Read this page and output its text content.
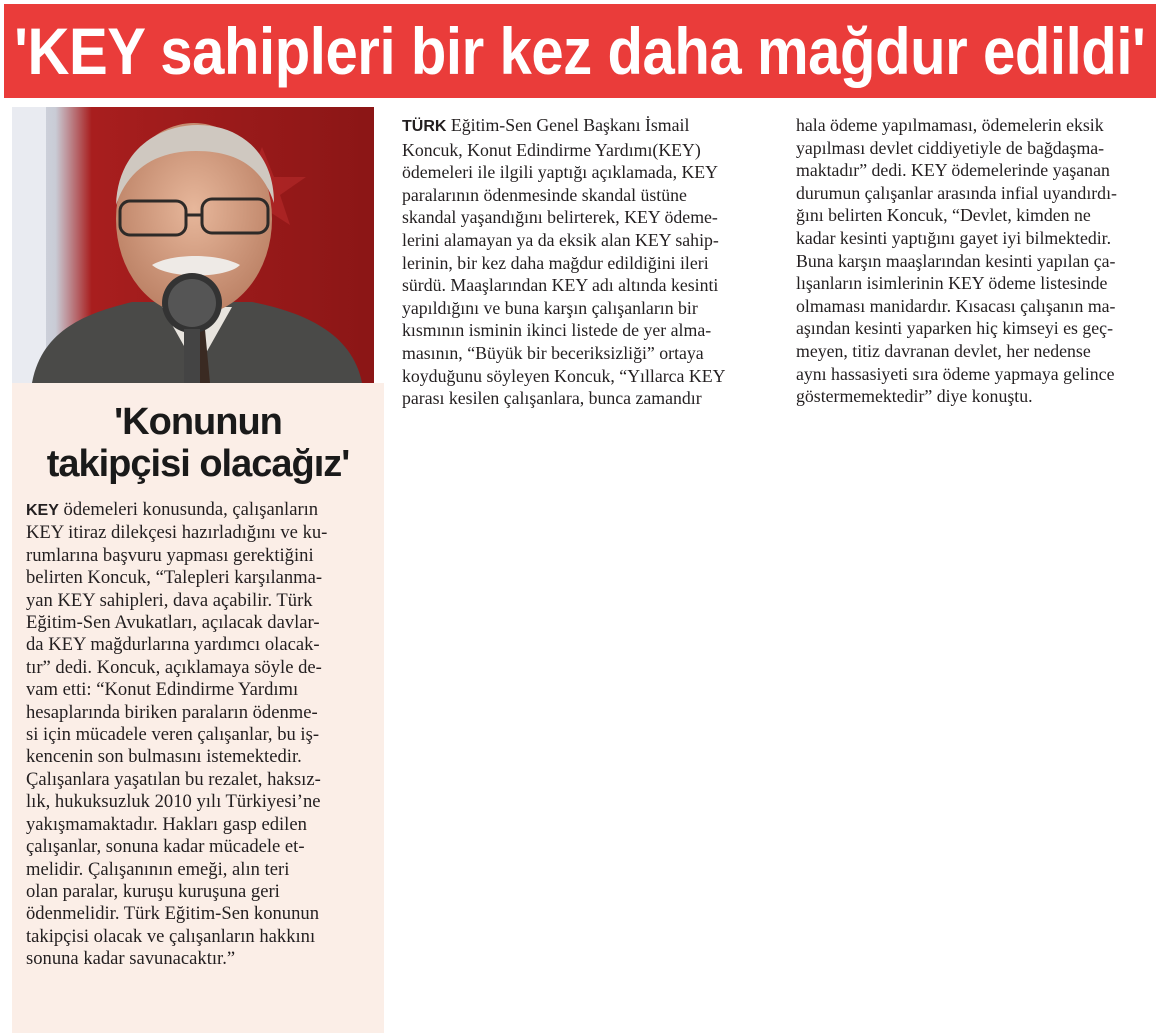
'KEY sahipleri bir kez daha mağdur edildi'
'Konunun
takipçisi olacağız'
KEY ödemeleri konusunda, çalışanların
KEY itiraz dilekçesi hazırladığını ve ku-
rumlarına başvuru yapması gerektiğini
belirten Koncuk, “Talepleri karşılanma-
yan KEY sahipleri, dava açabilir. Türk
Eğitim-Sen Avukatları, açılacak davlar-
da KEY mağdurlarına yardımcı olacak-
tır” dedi. Koncuk, açıklamaya söyle de-
vam etti: “Konut Edindirme Yardımı
hesaplarında biriken paraların ödenme-
si için mücadele veren çalışanlar, bu iş-
kencenin son bulmasını istemektedir.
Çalışanlara yaşatılan bu rezalet, haksız-
lık, hukuksuzluk 2010 yılı Türkiyesi’ne
yakışmamaktadır. Hakları gasp edilen
çalışanlar, sonuna kadar mücadele et-
melidir. Çalışanının emeği, alın teri
olan paralar, kuruşu kuruşuna geri
ödenmelidir. Türk Eğitim-Sen konunun
takipçisi olacak ve çalışanların hakkını
sonuna kadar savunacaktır.”
TÜRK Eğitim-Sen Genel Başkanı İsmail
Koncuk, Konut Edindirme Yardımı(KEY)
ödemeleri ile ilgili yaptığı açıklamada, KEY
paralarının ödenmesinde skandal üstüne
skandal yaşandığını belirterek, KEY ödeme-
lerini alamayan ya da eksik alan KEY sahip-
lerinin, bir kez daha mağdur edildiğini ileri
sürdü. Maaşlarından KEY adı altında kesinti
yapıldığını ve buna karşın çalışanların bir
kısmının isminin ikinci listede de yer alma-
masının, “Büyük bir beceriksizliği” ortaya
koyduğunu söyleyen Koncuk, “Yıllarca KEY
parası kesilen çalışanlara, bunca zamandır
hala ödeme yapılmaması, ödemelerin eksik
yapılması devlet ciddiyetiyle de bağdaşma-
maktadır” dedi. KEY ödemelerinde yaşanan
durumun çalışanlar arasında infial uyandırdı-
ğını belirten Koncuk, “Devlet, kimden ne
kadar kesinti yaptığını gayet iyi bilmektedir.
Buna karşın maaşlarından kesinti yapılan ça-
lışanların isimlerinin KEY ödeme listesinde
olmaması manidardır. Kısacası çalışanın ma-
aşından kesinti yaparken hiç kimseyi es geç-
meyen, titiz davranan devlet, her nedense
aynı hassasiyeti sıra ödeme yapmaya gelince
göstermemektedir” diye konuştu.
